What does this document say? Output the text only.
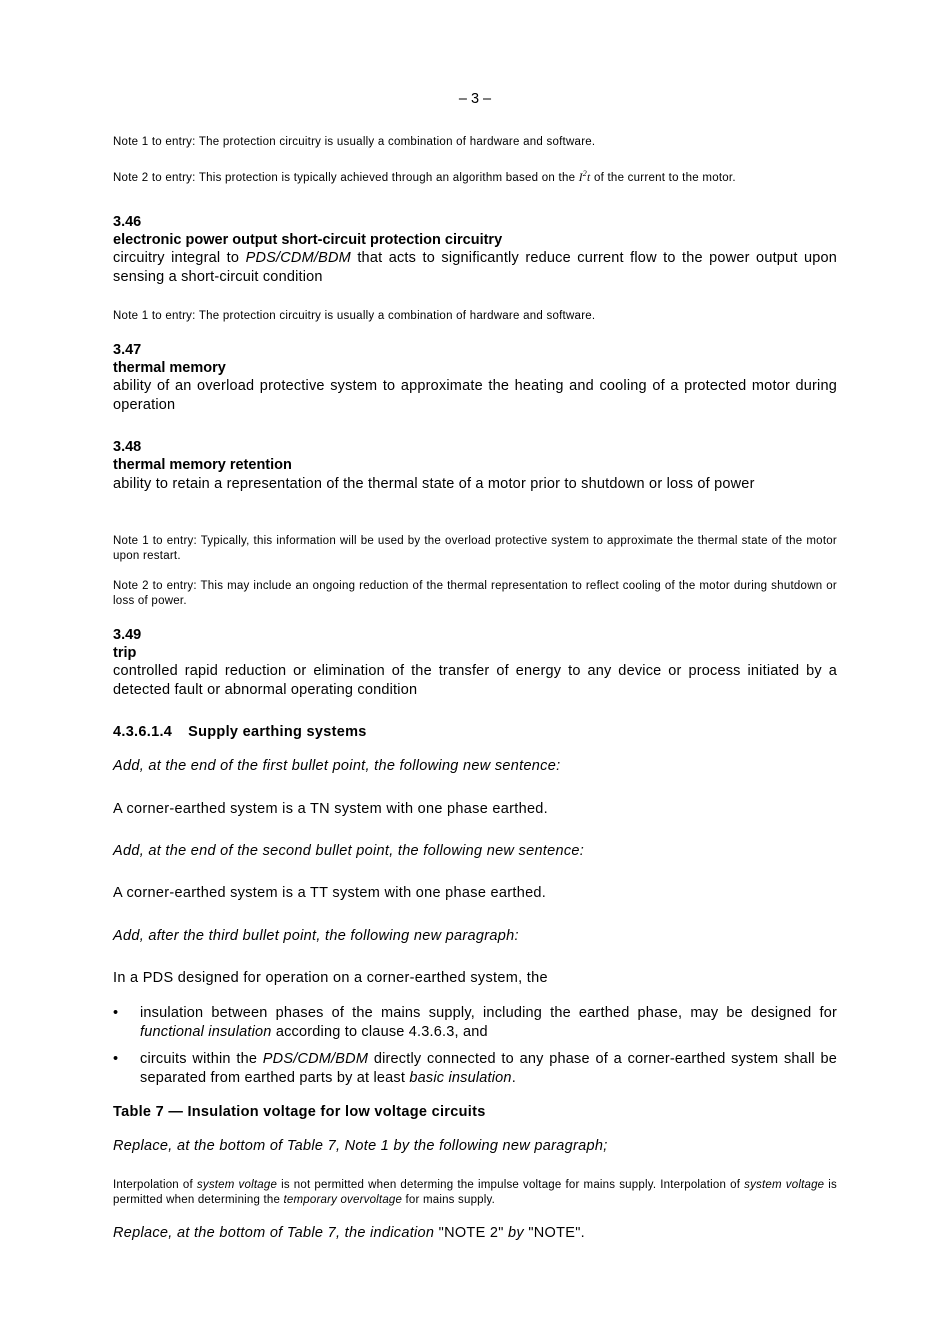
– 3 –
Note 1 to entry: The protection circuitry is usually a combination of hardware and software.
Note 2 to entry: This protection is typically achieved through an algorithm based on the $I^2t$ of the current to the motor.
3.46
electronic power output short-circuit protection circuitry
circuitry integral to PDS/CDM/BDM that acts to significantly reduce current flow to the power output upon sensing a short-circuit condition
Note 1 to entry: The protection circuitry is usually a combination of hardware and software.
3.47
thermal memory
ability of an overload protective system to approximate the heating and cooling of a protected motor during operation
3.48
thermal memory retention
ability to retain a representation of the thermal state of a motor prior to shutdown or loss of power
Note 1 to entry: Typically, this information will be used by the overload protective system to approximate the thermal state of the motor upon restart.
Note 2 to entry: This may include an ongoing reduction of the thermal representation to reflect cooling of the motor during shutdown or loss of power.
3.49
trip
controlled rapid reduction or elimination of the transfer of energy to any device or process initiated by a detected fault or abnormal operating condition
4.3.6.1.4 Supply earthing systems
Add, at the end of the first bullet point, the following new sentence:
A corner-earthed system is a TN system with one phase earthed.
Add, at the end of the second bullet point, the following new sentence:
A corner-earthed system is a TT system with one phase earthed.
Add, after the third bullet point, the following new paragraph:
In a PDS designed for operation on a corner-earthed system, the
• insulation between phases of the mains supply, including the earthed phase, may be designed for functional insulation according to clause 4.3.6.3, and
• circuits within the PDS/CDM/BDM directly connected to any phase of a corner-earthed system shall be separated from earthed parts by at least basic insulation.
Table 7 — Insulation voltage for low voltage circuits
Replace, at the bottom of Table 7, Note 1 by the following new paragraph;
Interpolation of system voltage is not permitted when determing the impulse voltage for mains supply. Interpolation of system voltage is permitted when determining the temporary overvoltage for mains supply.
Replace, at the bottom of Table 7, the indication "NOTE 2" by "NOTE".
